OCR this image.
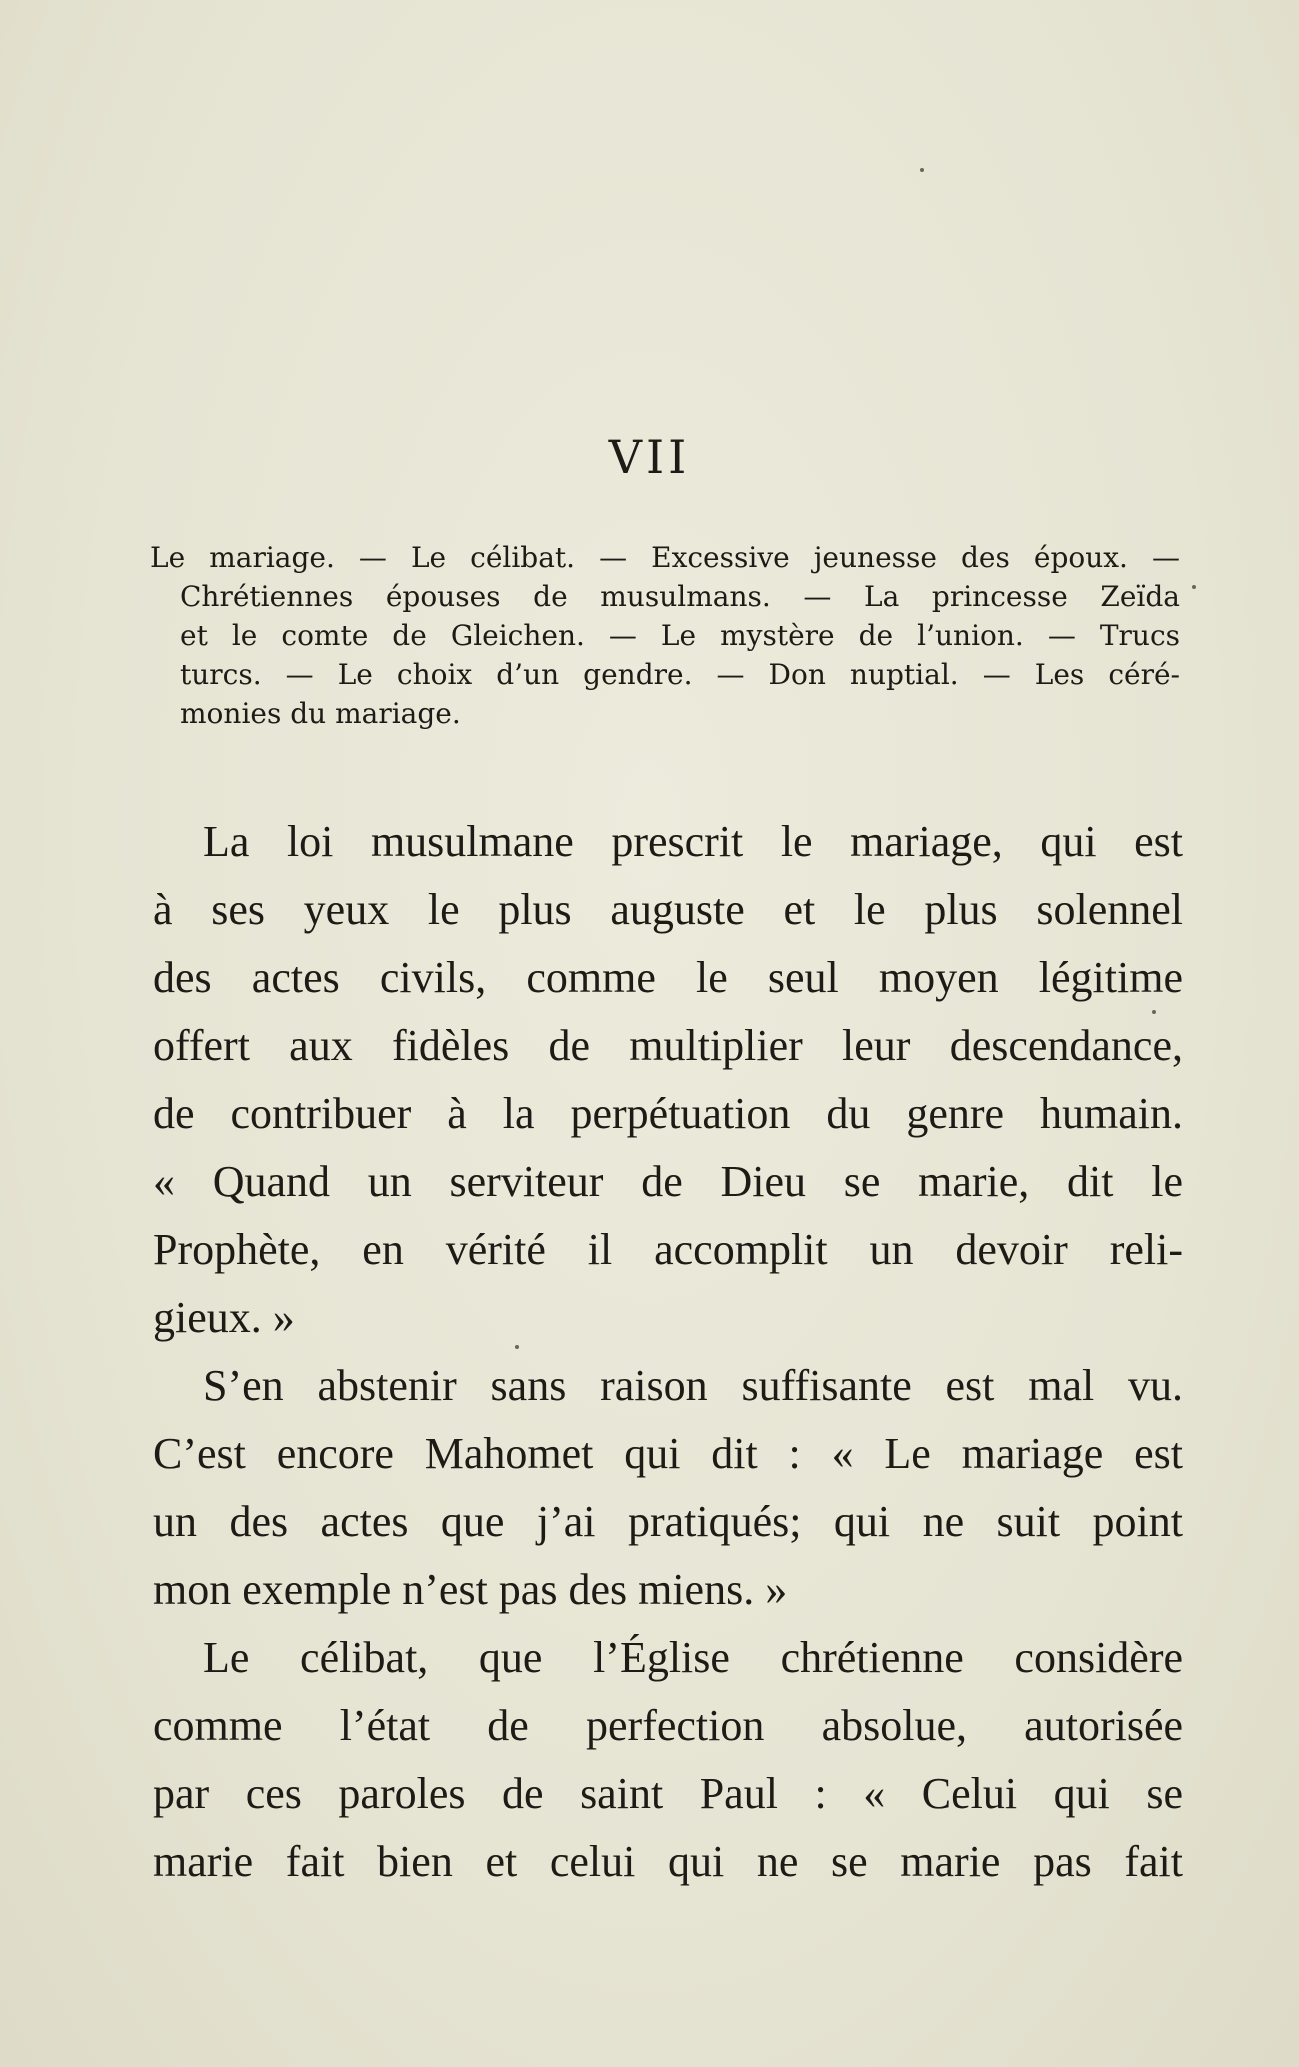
VII
Le mariage. — Le célibat. — Excessive jeunesse des époux. —
Chrétiennes épouses de musulmans. — La princesse Zeïda
et le comte de Gleichen. — Le mystère de l’union. — Trucs
turcs. — Le choix d’un gendre. — Don nuptial. — Les céré-
monies du mariage.
La loi musulmane prescrit le mariage, qui est
à ses yeux le plus auguste et le plus solennel
des actes civils, comme le seul moyen légitime
offert aux fidèles de multiplier leur descendance,
de contribuer à la perpétuation du genre humain.
« Quand un serviteur de Dieu se marie, dit le
Prophète, en vérité il accomplit un devoir reli-
gieux. »
S’en abstenir sans raison suffisante est mal vu.
C’est encore Mahomet qui dit : « Le mariage est
un des actes que j’ai pratiqués; qui ne suit point
mon exemple n’est pas des miens. »
Le célibat, que l’Église chrétienne considère
comme l’état de perfection absolue, autorisée
par ces paroles de saint Paul : « Celui qui se
marie fait bien et celui qui ne se marie pas fait
